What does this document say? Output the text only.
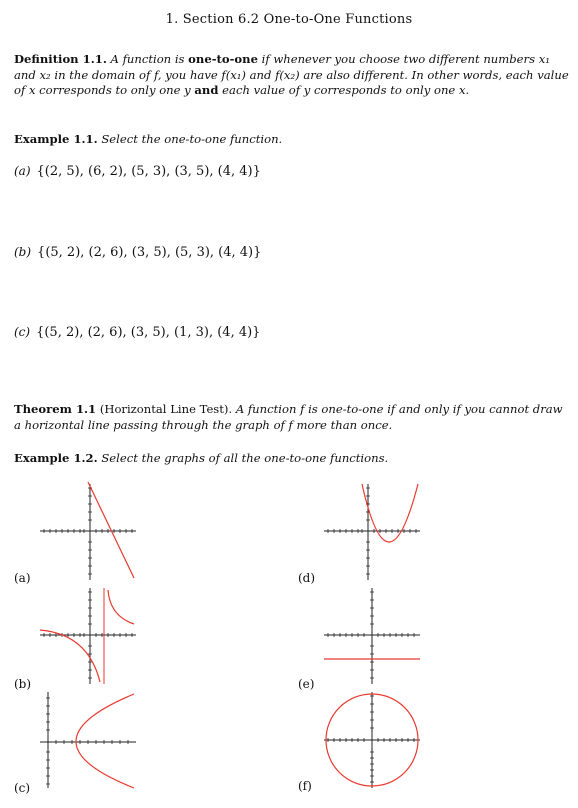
1. Section 6.2 One-to-One Functions
Definition 1.1. A function is one-to-one if whenever you choose two different numbers x₁ and x₂ in the domain of f, you have f(x₁) and f(x₂) are also different. In other words, each value of x corresponds to only one y and each value of y corresponds to only one x.
Example 1.1. Select the one-to-one function.
(a) {(2, 5), (6, 2), (5, 3), (3, 5), (4, 4)}
(b) {(5, 2), (2, 6), (3, 5), (5, 3), (4, 4)}
(c) {(5, 2), (2, 6), (3, 5), (1, 3), (4, 4)}
Theorem 1.1 (Horizontal Line Test). A function f is one-to-one if and only if you cannot draw a horizontal line passing through the graph of f more than once.
Example 1.2. Select the graphs of all the one-to-one functions.
(a)
(b)
(c)
(d)
(e)
(f)
